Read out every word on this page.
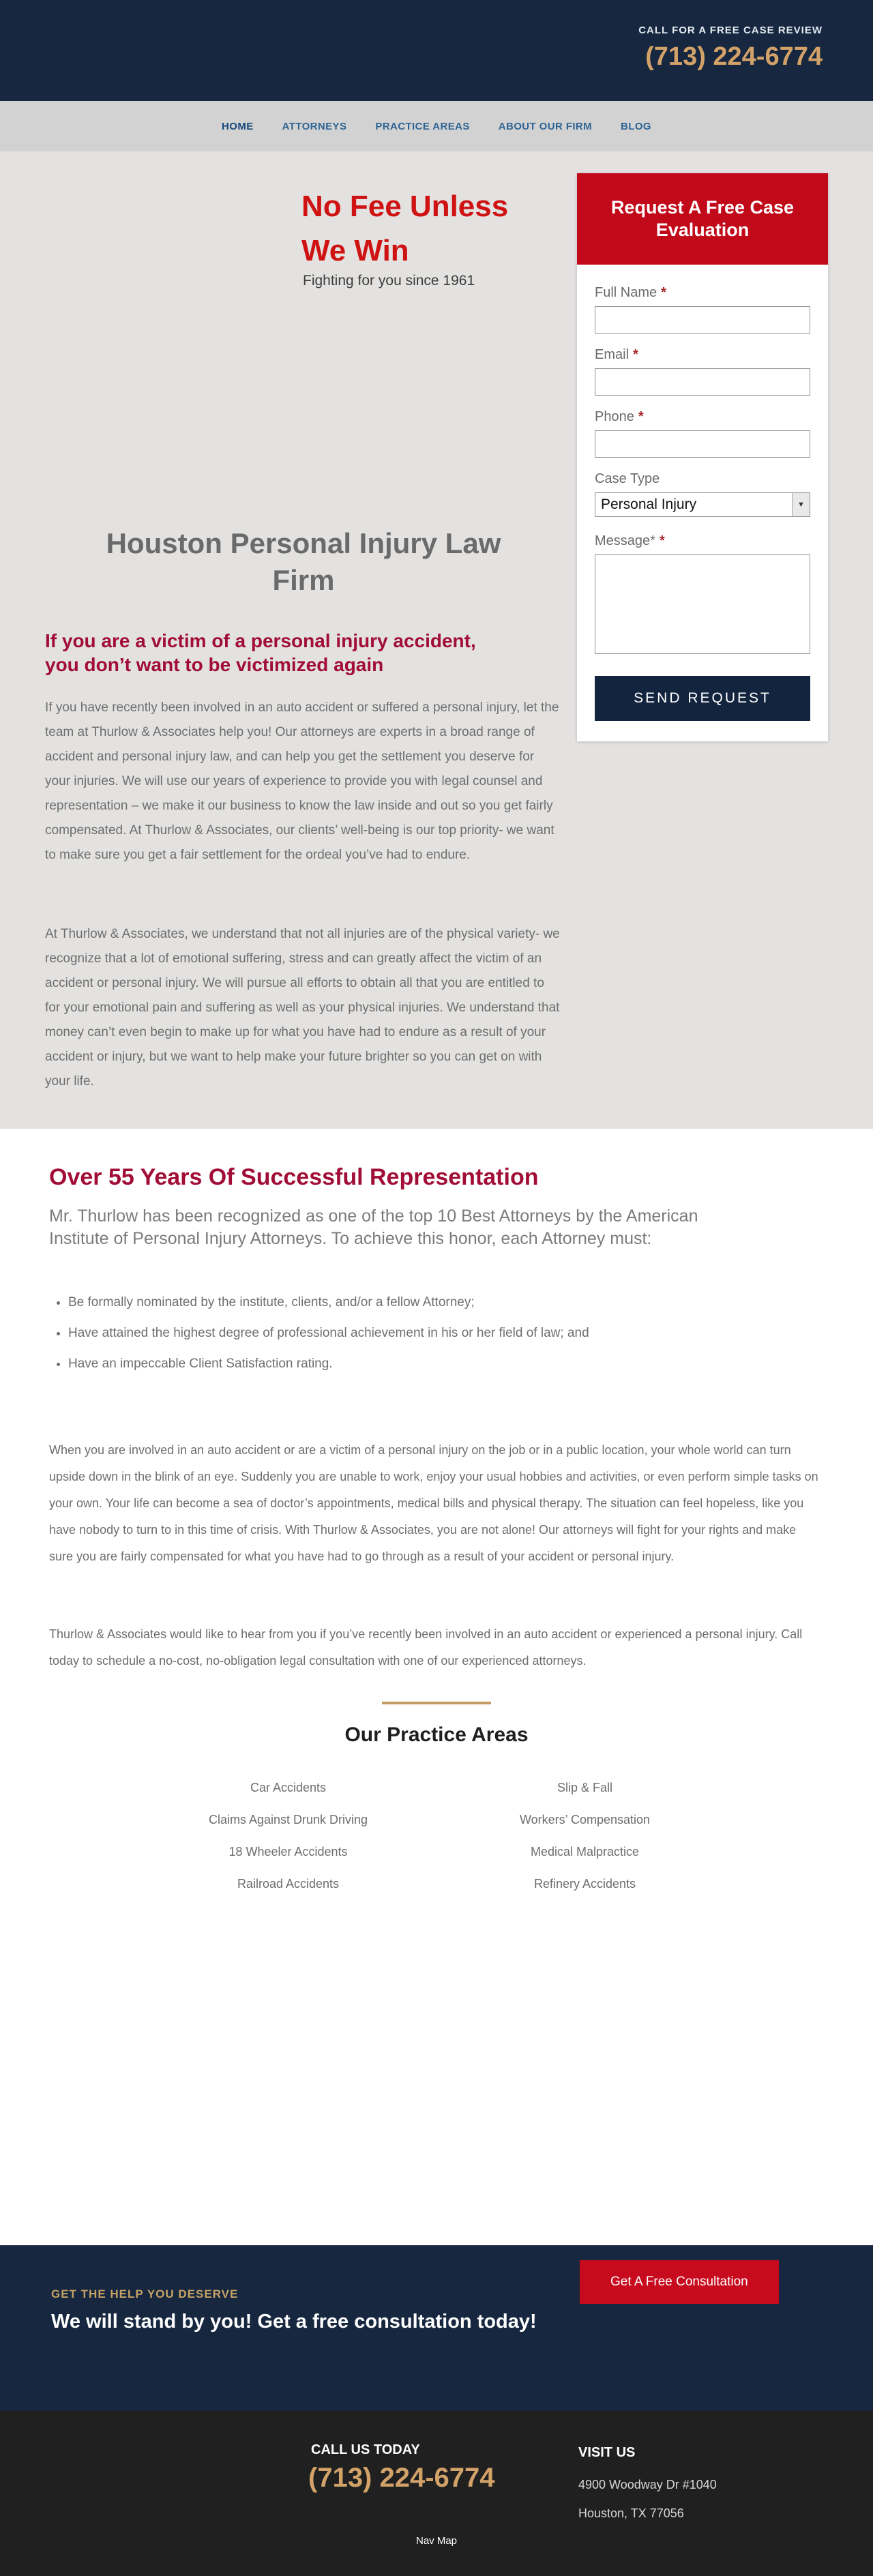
CALL FOR A FREE CASE REVIEW
(713) 224-6774
HOME	ATTORNEYS	PRACTICE AREAS	ABOUT OUR FIRM	BLOG
No Fee Unless We Win
Fighting for you since 1961
Houston Personal Injury Law Firm
If you are a victim of a personal injury accident, you don’t want to be victimized again

If you have recently been involved in an auto accident or suffered a personal injury, let the team at Thurlow & Associates help you! Our attorneys are experts in a broad range of accident and personal injury law, and can help you get the settlement you deserve for your injuries. We will use our years of experience to provide you with legal counsel and representation – we make it our business to know the law inside and out so you get fairly compensated. At Thurlow & Associates, our clients’ well-being is our top priority- we want to make sure you get a fair settlement for the ordeal you’ve had to endure.

At Thurlow & Associates, we understand that not all injuries are of the physical variety- we recognize that a lot of emotional suffering, stress and can greatly affect the victim of an accident or personal injury. We will pursue all efforts to obtain all that you are entitled to for your emotional pain and suffering as well as your physical injuries. We understand that money can’t even begin to make up for what you have had to endure as a result of your accident or injury, but we want to help make your future brighter so you can get on with your life.

Request A Free Case Evaluation
Full Name *
Email *
Phone *
Case Type
Personal Injury	▼
Message* *
SEND REQUEST
Over 55 Years Of Successful Representation

Mr. Thurlow has been recognized as one of the top 10 Best Attorneys by the American Institute of Personal Injury Attorneys. To achieve this honor, each Attorney must:

• Be formally nominated by the institute, clients, and/or a fellow Attorney;
• Have attained the highest degree of professional achievement in his or her field of law; and
• Have an impeccable Client Satisfaction rating.

When you are involved in an auto accident or are a victim of a personal injury on the job or in a public location, your whole world can turn upside down in the blink of an eye. Suddenly you are unable to work, enjoy your usual hobbies and activities, or even perform simple tasks on your own. Your life can become a sea of doctor’s appointments, medical bills and physical therapy. The situation can feel hopeless, like you have nobody to turn to in this time of crisis. With Thurlow & Associates, you are not alone! Our attorneys will fight for your rights and make sure you are fairly compensated for what you have had to go through as a result of your accident or personal injury.

Thurlow & Associates would like to hear from you if you’ve recently been involved in an auto accident or experienced a personal injury. Call today to schedule a no-cost, no-obligation legal consultation with one of our experienced attorneys.

Our Practice Areas
Car Accidents	Slip & Fall
Claims Against Drunk Driving	Workers’ Compensation
18 Wheeler Accidents	Medical Malpractice
Railroad Accidents	Refinery Accidents
GET THE HELP YOU DESERVE
We will stand by you! Get a free consultation today!
Get A Free Consultation
CALL US TODAY
(713) 224-6774
VISIT US
4900 Woodway Dr #1040
Houston, TX 77056
Nav Map
